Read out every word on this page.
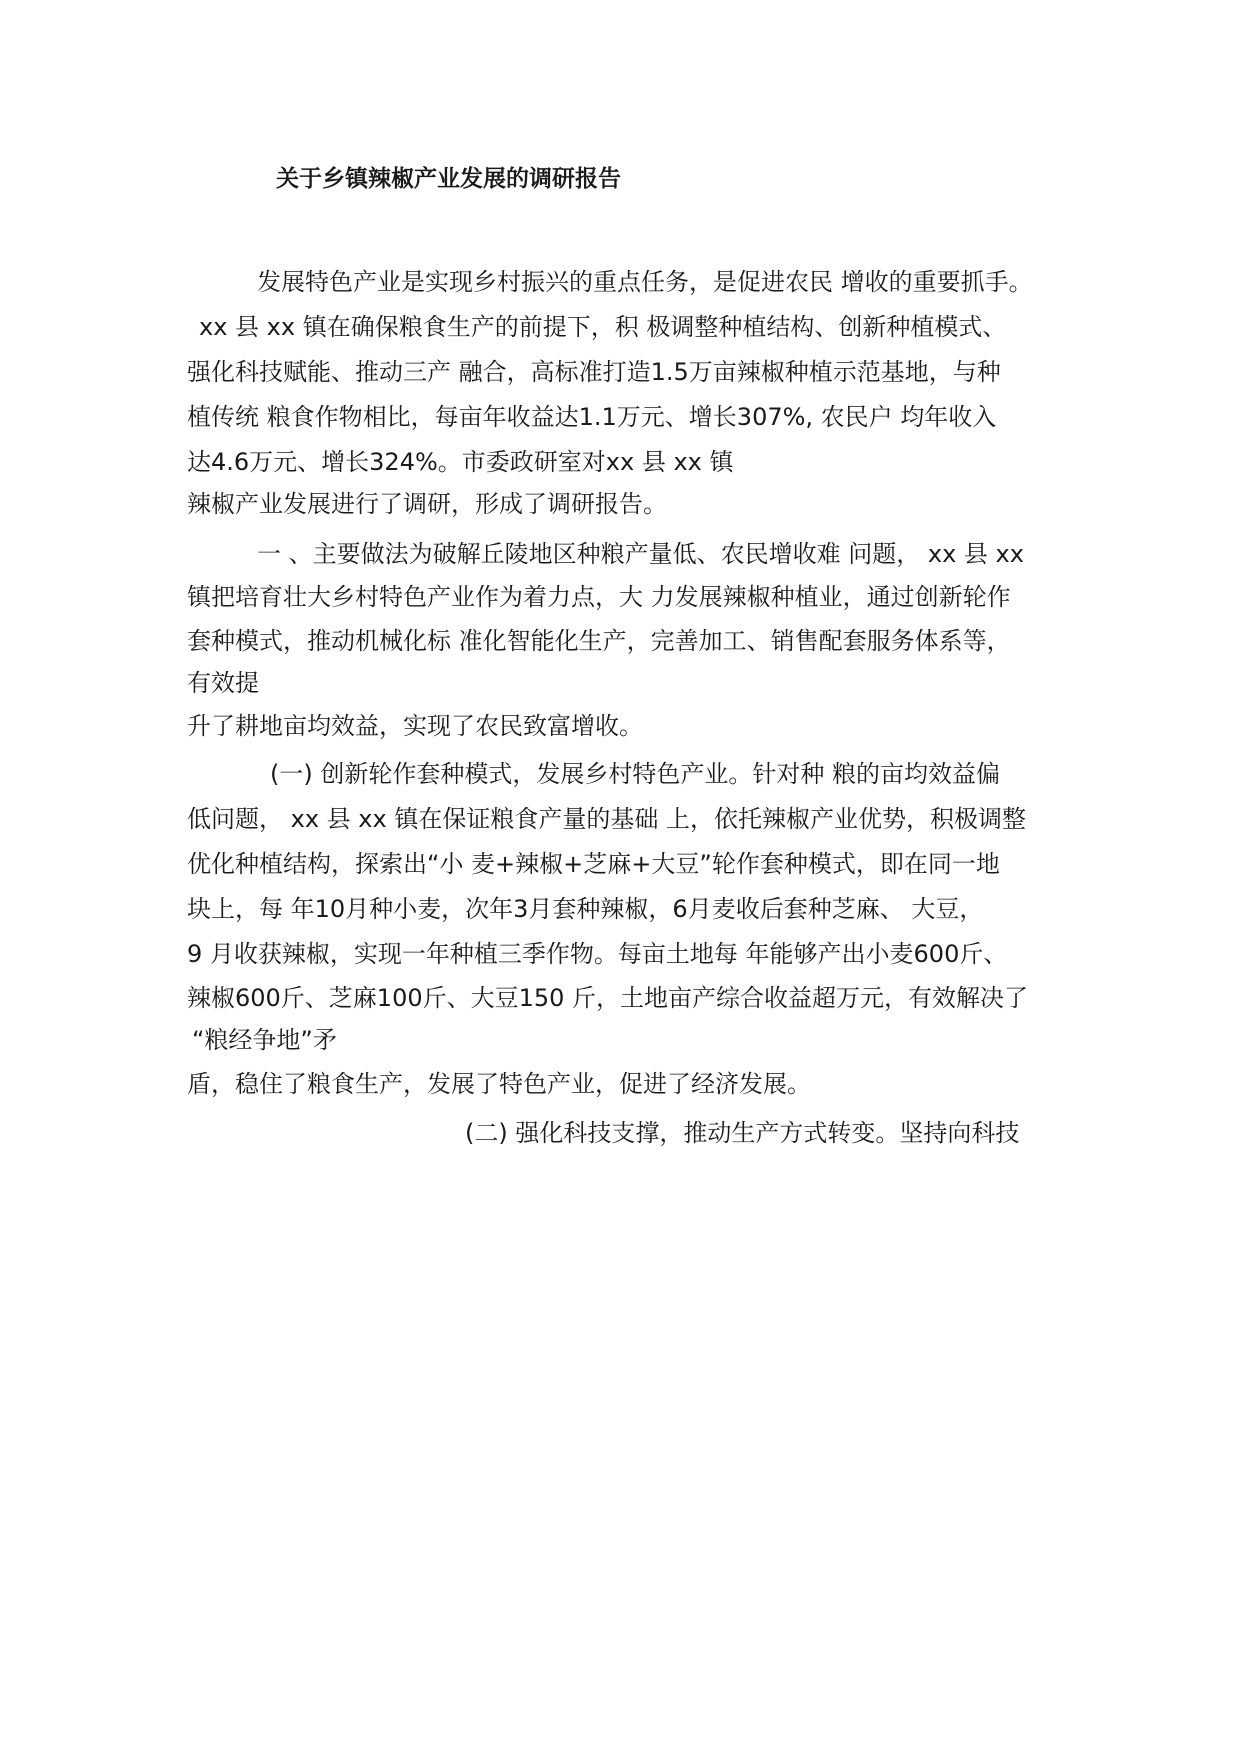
关于乡镇辣椒产业发展的调研报告
发展特色产业是实现乡村振兴的重点任务，是促进农民 增收的重要抓手。
xx 县 xx 镇在确保粮食生产的前提下，积 极调整种植结构、创新种植模式、
强化科技赋能、推动三产 融合，高标准打造1.5万亩辣椒种植示范基地，与种
植传统 粮食作物相比，每亩年收益达1.1万元、增长307%, 农民户 均年收入
达4.6万元、增长324%。市委政研室对xx 县 xx 镇
辣椒产业发展进行了调研，形成了调研报告。
一 、主要做法为破解丘陵地区种粮产量低、农民增收难 问题， xx 县 xx
镇把培育壮大乡村特色产业作为着力点，大 力发展辣椒种植业，通过创新轮作
套种模式，推动机械化标 准化智能化生产，完善加工、销售配套服务体系等，
有效提
升了耕地亩均效益，实现了农民致富增收。
(一) 创新轮作套种模式，发展乡村特色产业。针对种 粮的亩均效益偏
低问题， xx 县 xx 镇在保证粮食产量的基础 上，依托辣椒产业优势，积极调整
优化种植结构，探索出“小 麦+辣椒+芝麻+大豆”轮作套种模式，即在同一地
块上，每 年10月种小麦，次年3月套种辣椒，6月麦收后套种芝麻、 大豆，
9 月收获辣椒，实现一年种植三季作物。每亩土地每 年能够产出小麦600斤、
辣椒600斤、芝麻100斤、大豆150 斤，土地亩产综合收益超万元，有效解决了
“粮经争地”矛
盾，稳住了粮食生产，发展了特色产业，促进了经济发展。
(二) 强化科技支撑，推动生产方式转变。坚持向科技
